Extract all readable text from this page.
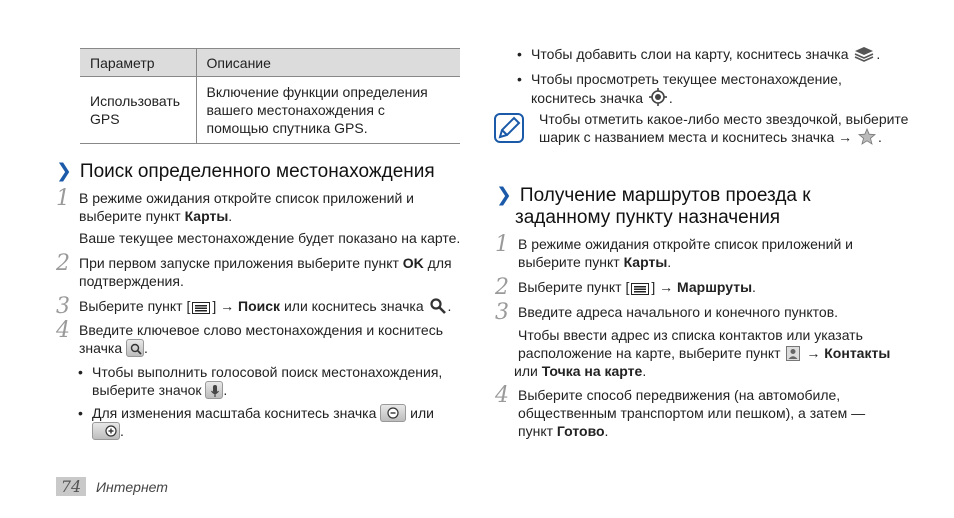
Параметр	Описание
Использовать GPS	Включение функции определения вашего местонахождения с помощью спутника GPS.
❯ Поиск определенного местонахождения
1 В режиме ожидания откройте список приложений и выберите пункт Карты.
Ваше текущее местонахождение будет показано на карте.
2 При первом запуске приложения выберите пункт OK для подтверждения.
3 Выберите пункт [ ] → Поиск или коснитесь значка .
4 Введите ключевое слово местонахождения и коснитесь значка
.
• Чтобы выполнить голосовой поиск местонахождения, выберите значок
.
• Для изменения масштаба коснитесь значка
или

.
• Чтобы добавить слои на карту, коснитесь значка .
• Чтобы просмотреть текущее местонахождение, коснитесь значка .
Чтобы отметить какое-либо место звездочкой, выберите шарик с названием места и коснитесь значка → .
❯ Получение маршрутов проезда к
заданному пункту назначения
1 В режиме ожидания откройте список приложений и выберите пункт Карты.
2 Выберите пункт [ ] → Маршруты.
3 Введите адреса начального и конечного пунктов.
Чтобы ввести адрес из списка контактов или указать расположение на карте, выберите пункт  → Контакты
или Точка на карте.
4 Выберите способ передвижения (на автомобиле, общественным транспортом или пешком), а затем — пункт Готово.
74	Интернет
